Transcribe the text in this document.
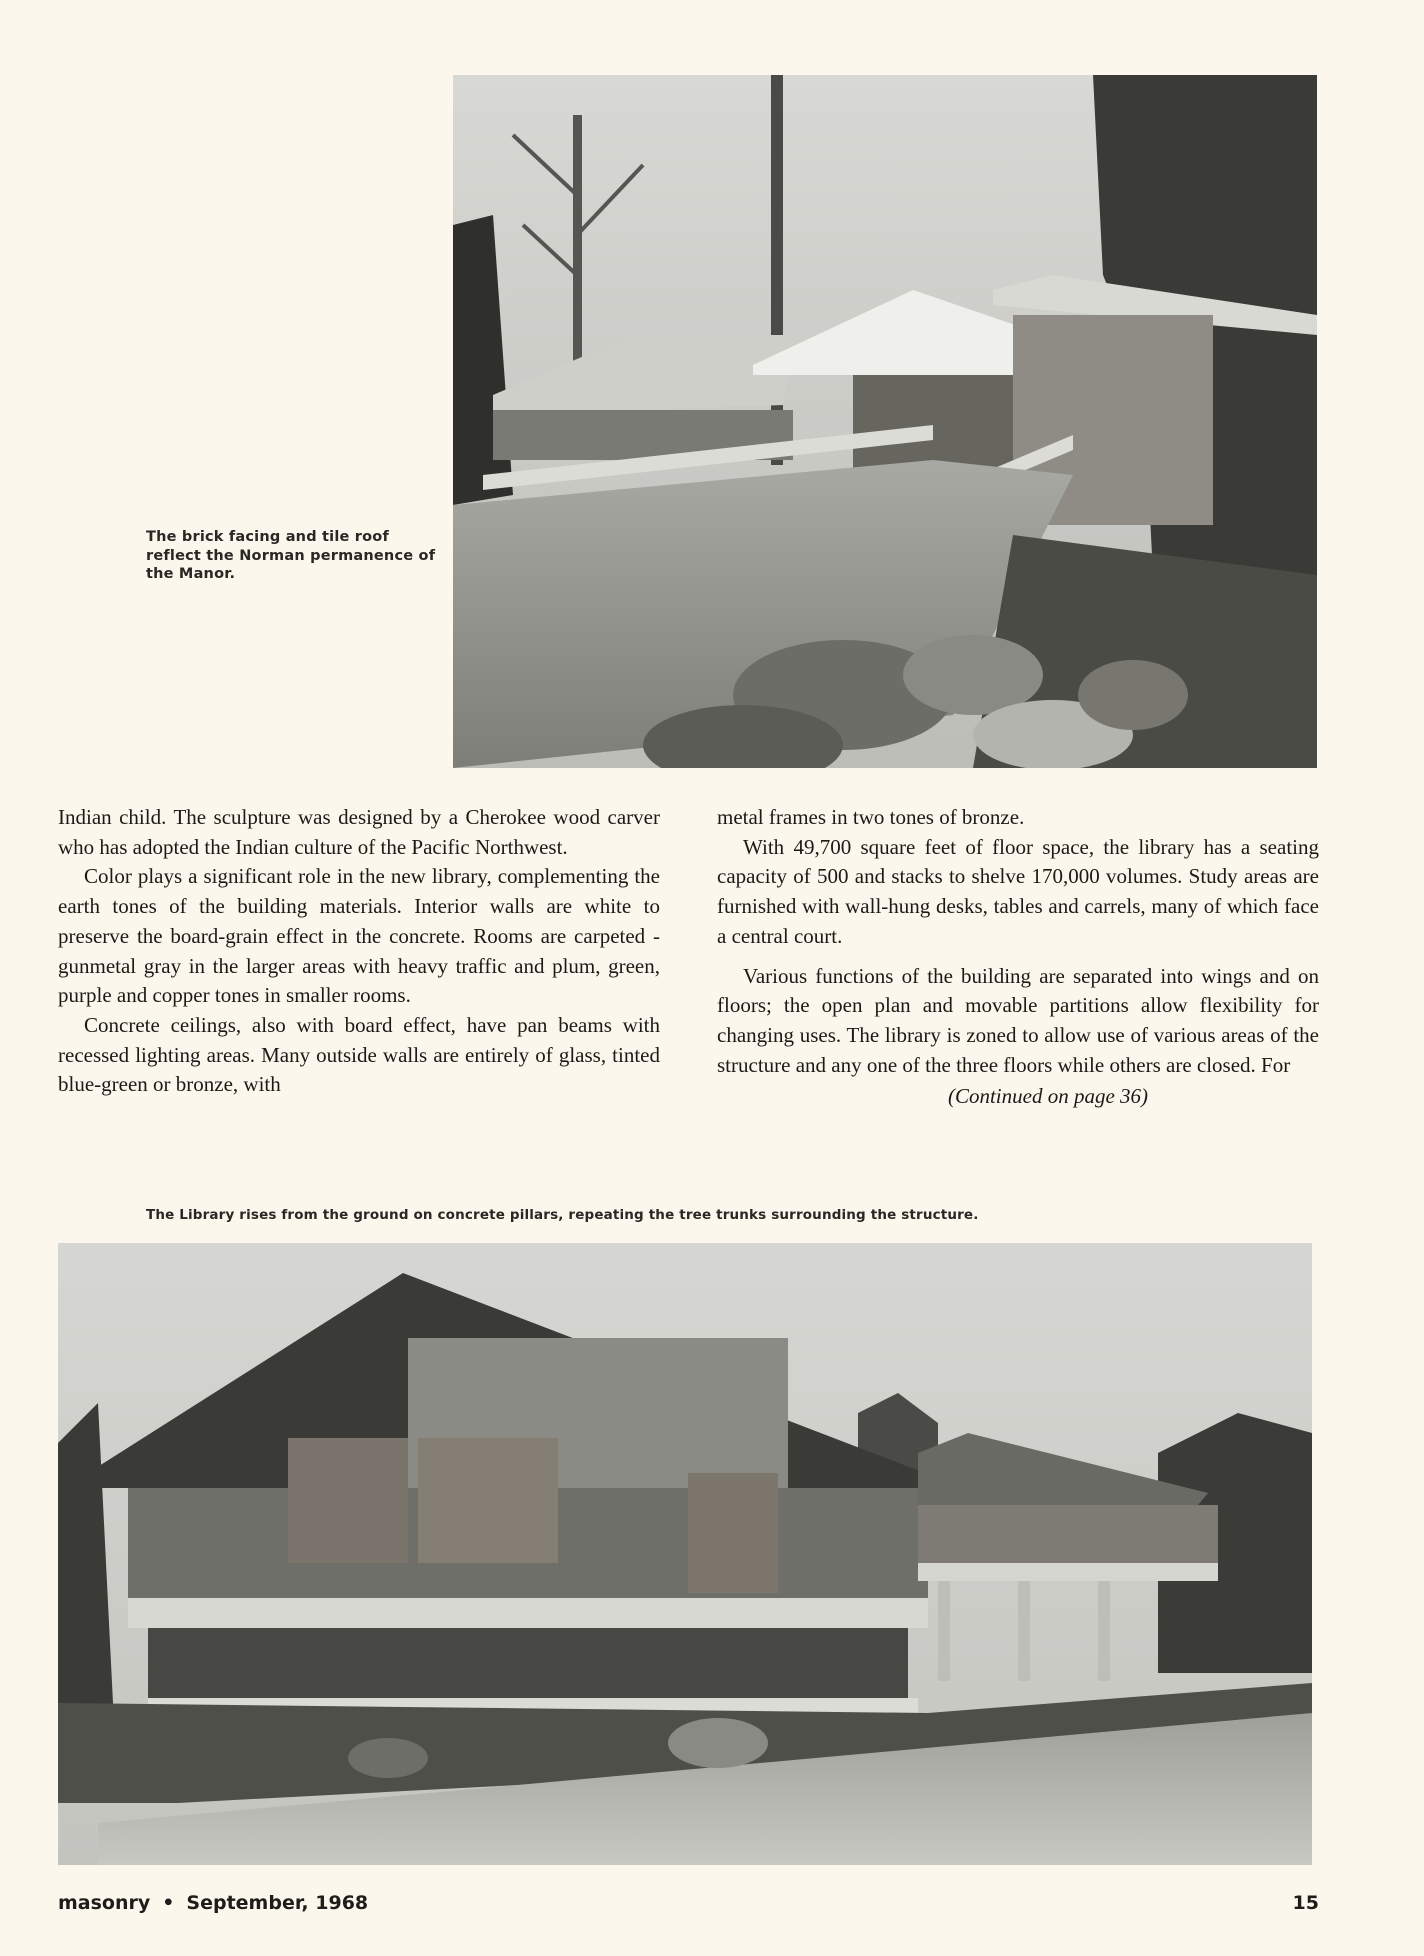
The brick facing and tile roof reflect the Norman permanence of the Manor.

Indian child. The sculpture was designed by a Cherokee wood carver who has adopted the Indian culture of the Pacific Northwest.

Color plays a significant role in the new library, complementing the earth tones of the building materials. Interior walls are white to preserve the board-grain effect in the concrete. Rooms are carpeted - gunmetal gray in the larger areas with heavy traffic and plum, green, purple and copper tones in smaller rooms.

Concrete ceilings, also with board effect, have pan beams with recessed lighting areas. Many outside walls are entirely of glass, tinted blue-green or bronze, with

metal frames in two tones of bronze.

With 49,700 square feet of floor space, the library has a seating capacity of 500 and stacks to shelve 170,000 volumes. Study areas are furnished with wall-hung desks, tables and carrels, many of which face a central court.

Various functions of the building are separated into wings and on floors; the open plan and movable partitions allow flexibility for changing uses. The library is zoned to allow use of various areas of the structure and any one of the three floors while others are closed. For

(Continued on page 36)
The Library rises from the ground on concrete pillars, repeating the tree trunks surrounding the structure.
masonry • September, 1968	15
